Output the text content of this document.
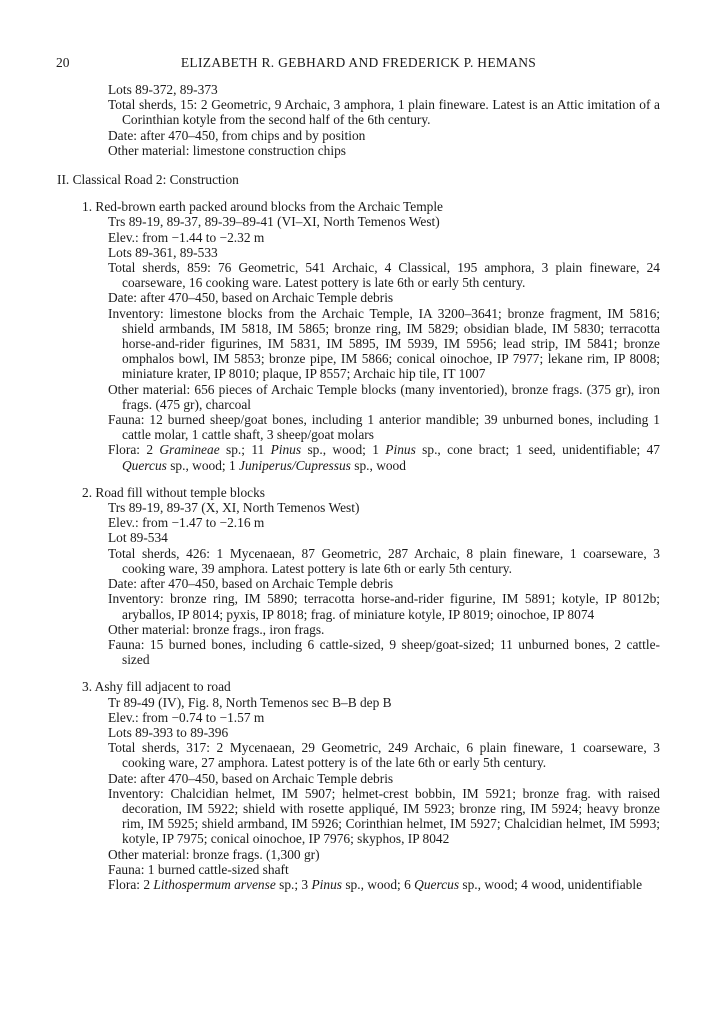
20	ELIZABETH R. GEBHARD AND FREDERICK P. HEMANS
Lots 89-372, 89-373
Total sherds, 15: 2 Geometric, 9 Archaic, 3 amphora, 1 plain fineware. Latest is an Attic imitation of a Corinthian kotyle from the second half of the 6th century.
Date: after 470–450, from chips and by position
Other material: limestone construction chips
II. Classical Road 2: Construction
1. Red-brown earth packed around blocks from the Archaic Temple
Trs 89-19, 89-37, 89-39–89-41 (VI–XI, North Temenos West)
Elev.: from −1.44 to −2.32 m
Lots 89-361, 89-533
Total sherds, 859: 76 Geometric, 541 Archaic, 4 Classical, 195 amphora, 3 plain fineware, 24 coarseware, 16 cooking ware. Latest pottery is late 6th or early 5th century.
Date: after 470–450, based on Archaic Temple debris
Inventory: limestone blocks from the Archaic Temple, IA 3200–3641; bronze fragment, IM 5816; shield armbands, IM 5818, IM 5865; bronze ring, IM 5829; obsidian blade, IM 5830; terracotta horse-and-rider figurines, IM 5831, IM 5895, IM 5939, IM 5956; lead strip, IM 5841; bronze omphalos bowl, IM 5853; bronze pipe, IM 5866; conical oinochoe, IP 7977; lekane rim, IP 8008; miniature krater, IP 8010; plaque, IP 8557; Archaic hip tile, IT 1007
Other material: 656 pieces of Archaic Temple blocks (many inventoried), bronze frags. (375 gr), iron frags. (475 gr), charcoal
Fauna: 12 burned sheep/goat bones, including 1 anterior mandible; 39 unburned bones, including 1 cattle molar, 1 cattle shaft, 3 sheep/goat molars
Flora: 2 Gramineae sp.; 11 Pinus sp., wood; 1 Pinus sp., cone bract; 1 seed, unidentifiable; 47 Quercus sp., wood; 1 Juniperus/Cupressus sp., wood
2. Road fill without temple blocks
Trs 89-19, 89-37 (X, XI, North Temenos West)
Elev.: from −1.47 to −2.16 m
Lot 89-534
Total sherds, 426: 1 Mycenaean, 87 Geometric, 287 Archaic, 8 plain fineware, 1 coarseware, 3 cooking ware, 39 amphora. Latest pottery is late 6th or early 5th century.
Date: after 470–450, based on Archaic Temple debris
Inventory: bronze ring, IM 5890; terracotta horse-and-rider figurine, IM 5891; kotyle, IP 8012b; aryballos, IP 8014; pyxis, IP 8018; frag. of miniature kotyle, IP 8019; oinochoe, IP 8074
Other material: bronze frags., iron frags.
Fauna: 15 burned bones, including 6 cattle-sized, 9 sheep/goat-sized; 11 unburned bones, 2 cattle-sized
3. Ashy fill adjacent to road
Tr 89-49 (IV), Fig. 8, North Temenos sec B–B dep B
Elev.: from −0.74 to −1.57 m
Lots 89-393 to 89-396
Total sherds, 317: 2 Mycenaean, 29 Geometric, 249 Archaic, 6 plain fineware, 1 coarseware, 3 cooking ware, 27 amphora. Latest pottery is of the late 6th or early 5th century.
Date: after 470–450, based on Archaic Temple debris
Inventory: Chalcidian helmet, IM 5907; helmet-crest bobbin, IM 5921; bronze frag. with raised decoration, IM 5922; shield with rosette appliqué, IM 5923; bronze ring, IM 5924; heavy bronze rim, IM 5925; shield armband, IM 5926; Corinthian helmet, IM 5927; Chalcidian helmet, IM 5993; kotyle, IP 7975; conical oinochoe, IP 7976; skyphos, IP 8042
Other material: bronze frags. (1,300 gr)
Fauna: 1 burned cattle-sized shaft
Flora: 2 Lithospermum arvense sp.; 3 Pinus sp., wood; 6 Quercus sp., wood; 4 wood, unidentifiable
